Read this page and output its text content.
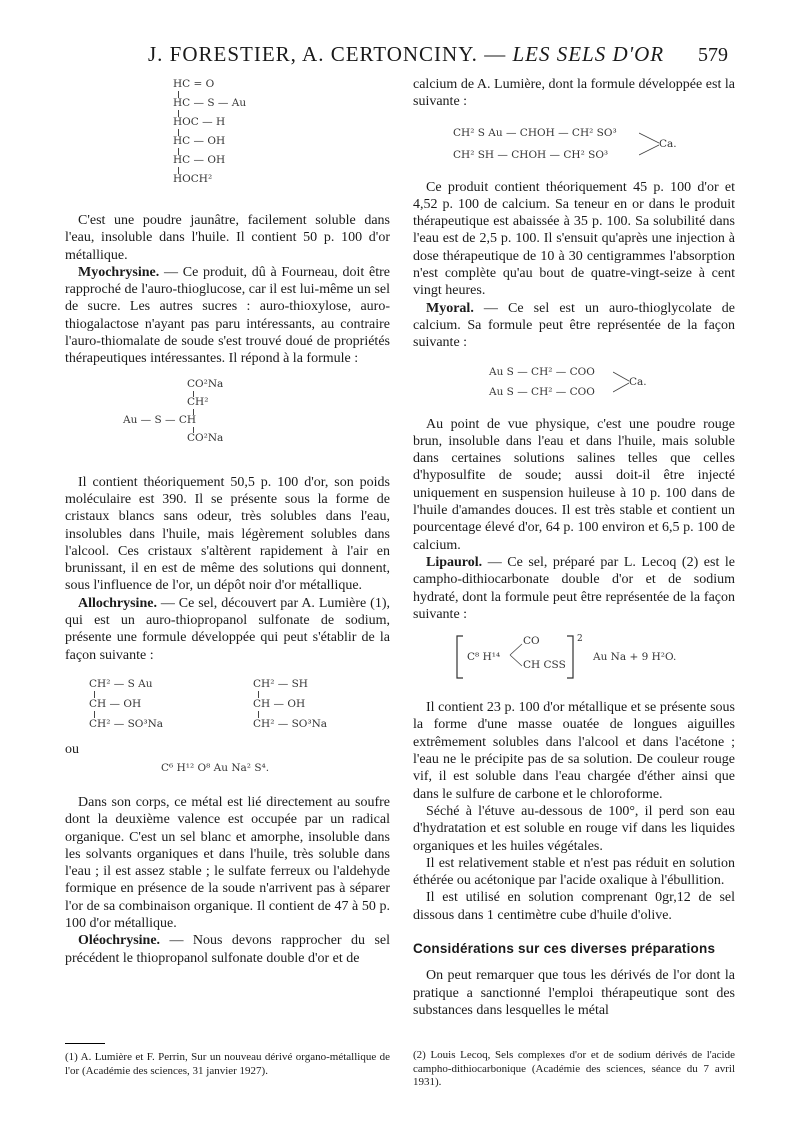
J. FORESTIER, A. CERTONCINY. — LES SELS D'OR 579
HC = O
HC — S — Au
HOC — H
HC — OH
HC — OH
HOCH²

C'est une poudre jaunâtre, facilement soluble dans l'eau, insoluble dans l'huile. Il contient 50 p. 100 d'or métallique.

Myochrysine. — Ce produit, dû à Fourneau, doit être rapproché de l'auro-thioglucose, car il est lui-même un sel de sucre. Les autres sucres : auro-thioxylose, auro-thiogalactose n'ayant pas paru intéressants, au contraire l'auro-thiomalate de soude s'est trouvé doué de propriétés thérapeutiques intéressantes. Il répond à la formule :

CO²Na
CH²
Au — S — CH
CO²Na

Il contient théoriquement 50,5 p. 100 d'or, son poids moléculaire est 390. Il se présente sous la forme de cristaux blancs sans odeur, très solubles dans l'eau, insolubles dans l'huile, mais légèrement solubles dans l'alcool. Ces cristaux s'altèrent rapidement à l'air en brunissant, il en est de même des solutions qui donnent, sous l'influence de l'or, un dépôt noir d'or métallique.

Allochrysine. — Ce sel, découvert par A. Lumière (1), qui est un auro-thiopropanol sulfonate de sodium, présente une formule développée qui peut s'établir de la façon suivante :

CH² — S Au
CH — OH
CH² — SO³Na
CH² — SH
CH — OH
CH² — SO³Na
ou
C⁶ H¹² O⁸ Au Na² S⁴.

Dans son corps, ce métal est lié directement au soufre dont la deuxième valence est occupée par un radical organique. C'est un sel blanc et amorphe, insoluble dans les solvants organiques et dans l'huile, très soluble dans l'eau ; il est assez stable ; le sulfate ferreux ou l'aldehyde formique en présence de la soude n'arrivent pas à séparer l'or de sa combinaison organique. Il contient de 47 à 50 p. 100 d'or métallique.

Oléochrysine. — Nous devons rapprocher du sel précédent le thiopropanol sulfonate double d'or et de

calcium de A. Lumière, dont la formule développée est la suivante :

CH² S Au — CHOH — CH² SO³
CH² SH — CHOH — CH² SO³
Ca.

Ce produit contient théoriquement 45 p. 100 d'or et 4,52 p. 100 de calcium. Sa teneur en or dans le produit thérapeutique est abaissée à 35 p. 100. Sa solubilité dans l'eau est de 2,5 p. 100. Il s'ensuit qu'après une injection à dose thérapeutique de 10 à 30 centigrammes l'absorption n'est complète qu'au bout de quatre-vingt-seize à cent vingt heures.

Myoral. — Ce sel est un auro-thioglycolate de calcium. Sa formule peut être représentée de la façon suivante :

Au S — CH² — COO
Au S — CH² — COO
Ca.

Au point de vue physique, c'est une poudre rouge brun, insoluble dans l'eau et dans l'huile, mais soluble dans certaines solutions salines telles que celles d'hyposulfite de soude; aussi doit-il être injecté uniquement en suspension huileuse à 10 p. 100 dans de l'huile d'amandes douces. Il est très stable et contient un pourcentage élevé d'or, 64 p. 100 environ et 6,5 p. 100 de calcium.

Lipaurol. — Ce sel, préparé par L. Lecoq (2) est le campho-dithiocarbonate double d'or et de sodium hydraté, dont la formule peut être représentée de la façon suivante :

C⁸ H¹⁴
CO
CH CSS
2
Au Na + 9 H²O.

Il contient 23 p. 100 d'or métallique et se présente sous la forme d'une masse ouatée de longues aiguilles extrêmement solubles dans l'alcool et dans l'acétone ; l'eau ne le précipite pas de sa solution. De couleur rouge vif, il est soluble dans l'eau chargée d'éther ainsi que dans le sulfure de carbone et le chloroforme.

Séché à l'étuve au-dessous de 100°, il perd son eau d'hydratation et est soluble en rouge vif dans les liquides organiques et les huiles végétales.

Il est relativement stable et n'est pas réduit en solution éthérée ou acétonique par l'acide oxalique à l'ébullition.

Il est utilisé en solution comprenant 0gr,12 de sel dissous dans 1 centimètre cube d'huile d'olive.

Considérations sur ces diverses préparations

On peut remarquer que tous les dérivés de l'or dont la pratique a sanctionné l'emploi thérapeutique sont des substances dans lesquelles le métal

(1) A. Lumière et F. Perrin, Sur un nouveau dérivé organo-métallique de l'or (Académie des sciences, 31 janvier 1927).
(2) Louis Lecoq, Sels complexes d'or et de sodium dérivés de l'acide campho-dithiocarbonique (Académie des sciences, séance du 7 avril 1931).
